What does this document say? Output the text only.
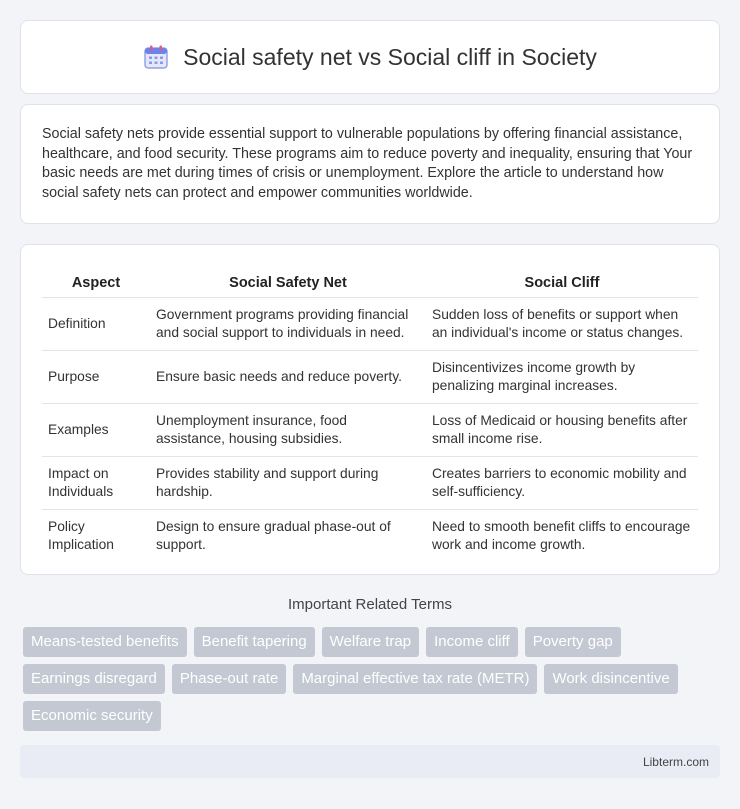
Social safety net vs Social cliff in Society

Social safety nets provide essential support to vulnerable populations by offering financial assistance, healthcare, and food security. These programs aim to reduce poverty and inequality, ensuring that Your basic needs are met during times of crisis or unemployment. Explore the article to understand how social safety nets can protect and empower communities worldwide.

Aspect	Social Safety Net	Social Cliff
Definition	Government programs providing financial and social support to individuals in need.	Sudden loss of benefits or support when an individual's income or status changes.
Purpose	Ensure basic needs and reduce poverty.	Disincentivizes income growth by penalizing marginal increases.
Examples	Unemployment insurance, food assistance, housing subsidies.	Loss of Medicaid or housing benefits after small income rise.
Impact on Individuals	Provides stability and support during hardship.	Creates barriers to economic mobility and self-sufficiency.
Policy Implication	Design to ensure gradual phase-out of support.	Need to smooth benefit cliffs to encourage work and income growth.
Important Related Terms
Means-tested benefits	Benefit tapering	Welfare trap	Income cliff	Poverty gap
Earnings disregard	Phase-out rate	Marginal effective tax rate (METR)	Work disincentive
Economic security
Libterm.com
